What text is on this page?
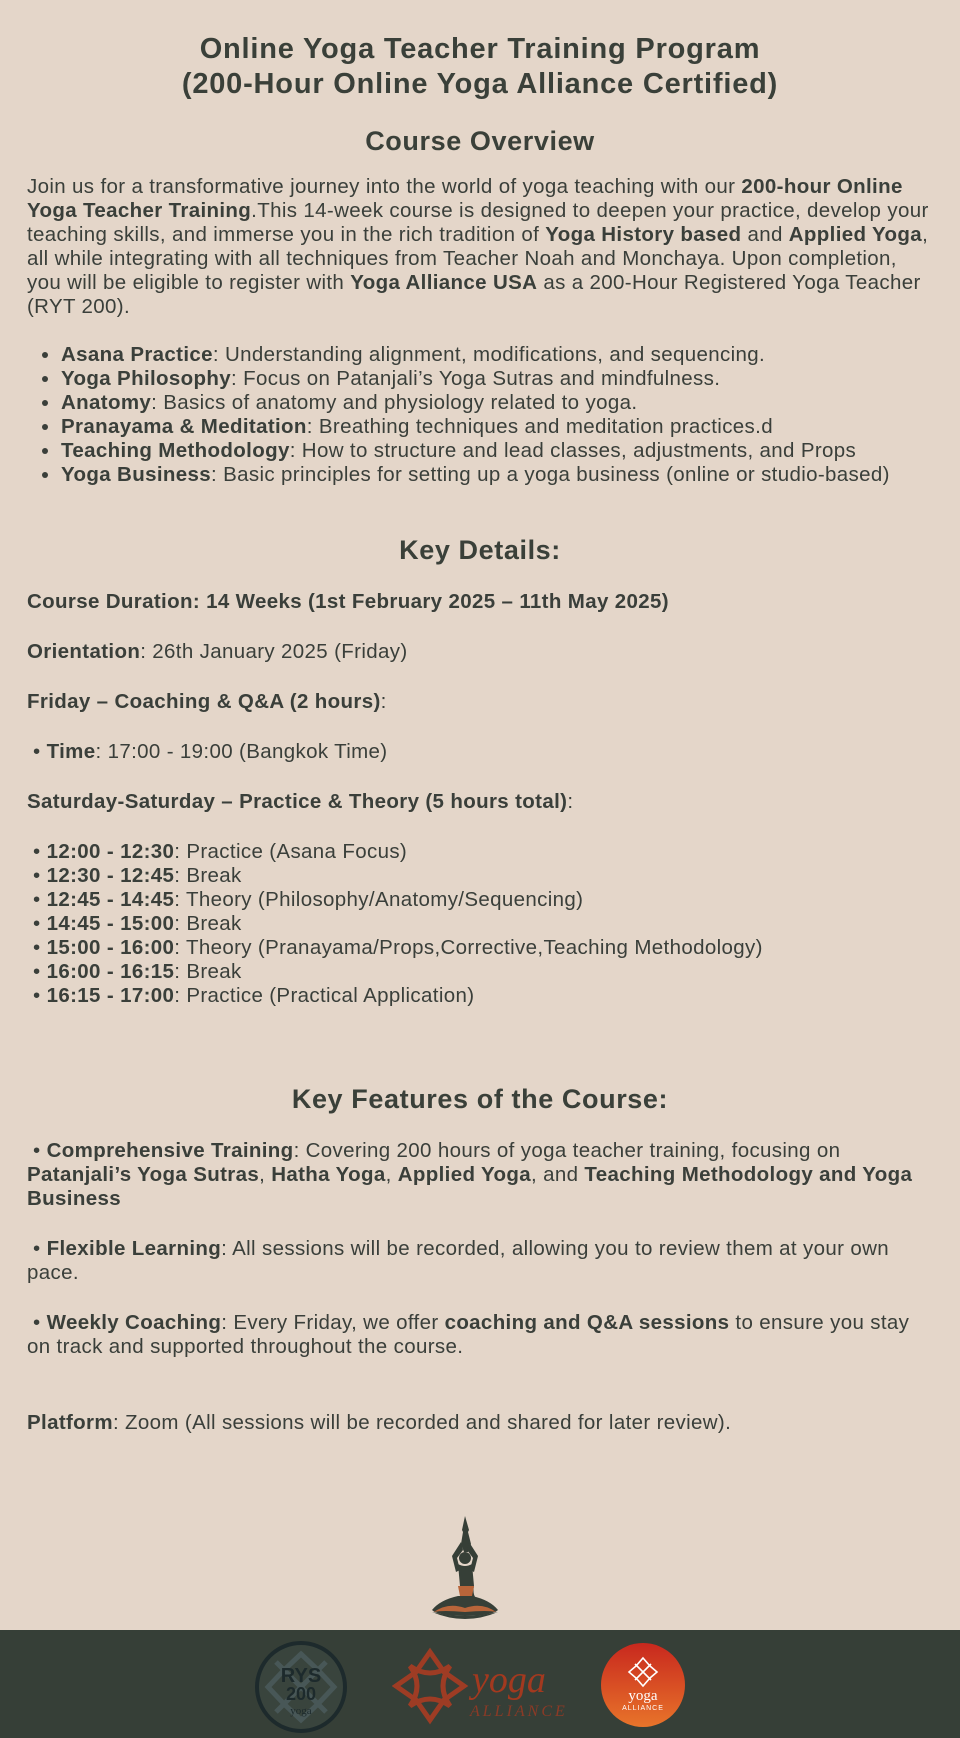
Online Yoga Teacher Training Program
(200-Hour Online Yoga Alliance Certified)
Course Overview

Join us for a transformative journey into the world of yoga teaching with our 200-hour Online Yoga Teacher Training.This 14-week course is designed to deepen your practice, develop your teaching skills, and immerse you in the rich tradition of Yoga History based and Applied Yoga, all while integrating with all techniques from Teacher Noah and Monchaya. Upon completion, you will be eligible to register with Yoga Alliance USA as a 200-Hour Registered Yoga Teacher (RYT 200).

• Asana Practice: Understanding alignment, modifications, and sequencing.
• Yoga Philosophy: Focus on Patanjali’s Yoga Sutras and mindfulness.
• Anatomy: Basics of anatomy and physiology related to yoga.
• Pranayama & Meditation: Breathing techniques and meditation practices.d
• Teaching Methodology: How to structure and lead classes, adjustments, and Props
• Yoga Business: Basic principles for setting up a yoga business (online or studio-based)
Key Details:
Course Duration: 14 Weeks (1st February 2025 – 11th May 2025)
Orientation: 26th January 2025 (Friday)
Friday – Coaching & Q&A (2 hours):
• Time: 17:00 - 19:00 (Bangkok Time)
Saturday-Saturday – Practice & Theory (5 hours total):
• 12:00 - 12:30: Practice (Asana Focus)
• 12:30 - 12:45: Break
• 12:45 - 14:45: Theory (Philosophy/Anatomy/Sequencing)
• 14:45 - 15:00: Break
• 15:00 - 16:00: Theory (Pranayama/Props,Corrective,Teaching Methodology)
• 16:00 - 16:15: Break
• 16:15 - 17:00: Practice (Practical Application)
Key Features of the Course:

• Comprehensive Training: Covering 200 hours of yoga teacher training, focusing on Patanjali’s Yoga Sutras, Hatha Yoga, Applied Yoga, and Teaching Methodology and Yoga Business

• Flexible Learning: All sessions will be recorded, allowing you to review them at your own pace.

• Weekly Coaching: Every Friday, we offer coaching and Q&A sessions to ensure you stay on track and supported throughout the course.

Platform: Zoom (All sessions will be recorded and shared for later review).
RYS
200
yoga
yoga
ALLIANCE
yoga
ALLIANCE
